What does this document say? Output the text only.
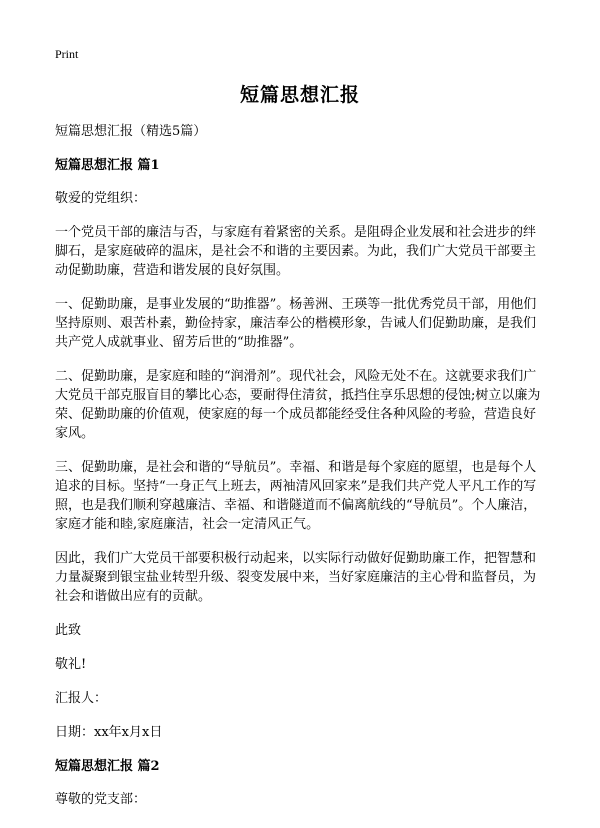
Print
短篇思想汇报

短篇思想汇报（精选5篇）

短篇思想汇报 篇1

敬爱的党组织：

一个党员干部的廉洁与否，与家庭有着紧密的关系。是阻碍企业发展和社会进步的绊脚石，是家庭破碎的温床，是社会不和谐的主要因素。为此，我们广大党员干部要主动促勤助廉，营造和谐发展的良好氛围。

一、促勤助廉，是事业发展的“助推器”。杨善洲、王瑛等一批优秀党员干部，用他们坚持原则、艰苦朴素，勤俭持家，廉洁奉公的楷模形象，告诫人们促勤助廉，是我们共产党人成就事业、留芳后世的“助推器”。

二、促勤助廉，是家庭和睦的“润滑剂”。现代社会，风险无处不在。这就要求我们广大党员干部克服盲目的攀比心态，要耐得住清贫，抵挡住享乐思想的侵蚀;树立以廉为荣、促勤助廉的价值观，使家庭的每一个成员都能经受住各种风险的考验，营造良好家风。

三、促勤助廉，是社会和谐的“导航员”。幸福、和谐是每个家庭的愿望，也是每个人追求的目标。坚持“一身正气上班去，两袖清风回家来”是我们共产党人平凡工作的写照，也是我们顺利穿越廉洁、幸福、和谐隧道而不偏离航线的“导航员”。个人廉洁，家庭才能和睦,家庭廉洁，社会一定清风正气。

因此，我们广大党员干部要积极行动起来，以实际行动做好促勤助廉工作，把智慧和力量凝聚到银宝盐业转型升级、裂变发展中来，当好家庭廉洁的主心骨和监督员，为社会和谐做出应有的贡献。

此致

敬礼!

汇报人：

日期：xx年x月x日

短篇思想汇报 篇2

尊敬的党支部：
